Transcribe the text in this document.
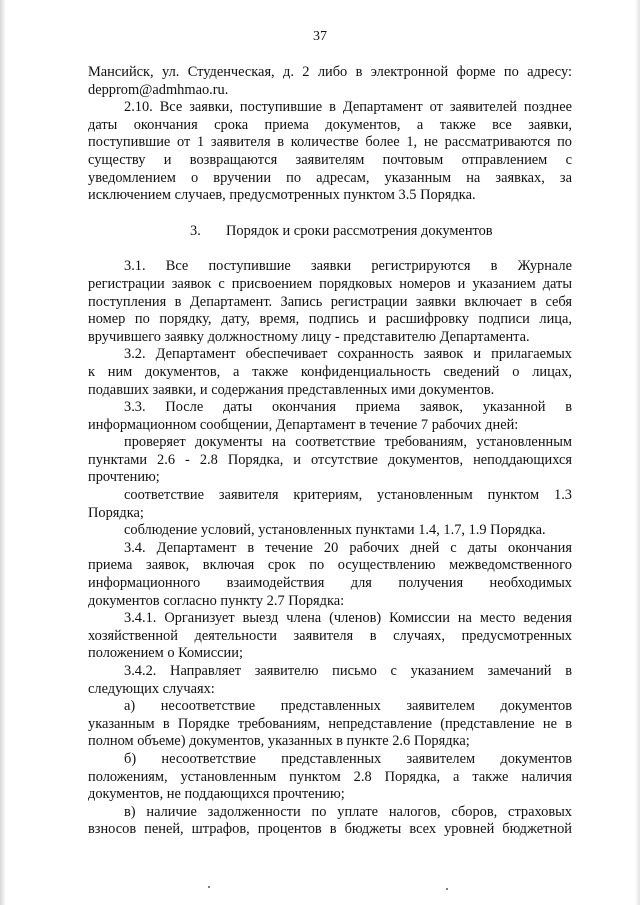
37

Мансийск, ул. Студенческая, д. 2 либо в электронной форме по адресу:

depprom@admhmao.ru.

2.10. Все заявки, поступившие в Департамент от заявителей позднее

даты окончания срока приема документов, а также все заявки,

поступившие от 1 заявителя в количестве более 1, не рассматриваются по

существу и возвращаются заявителям почтовым отправлением с

уведомлением о вручении по адресам, указанным на заявках, за

исключением случаев, предусмотренных пунктом 3.5 Порядка.

3. Порядок и сроки рассмотрения документов

3.1. Все поступившие заявки регистрируются в Журнале

регистрации заявок с присвоением порядковых номеров и указанием даты

поступления в Департамент. Запись регистрации заявки включает в себя

номер по порядку, дату, время, подпись и расшифровку подписи лица,

вручившего заявку должностному лицу - представителю Департамента.

3.2. Департамент обеспечивает сохранность заявок и прилагаемых

к ним документов, а также конфиденциальность сведений о лицах,

подавших заявки, и содержания представленных ими документов.

3.3. После даты окончания приема заявок, указанной в

информационном сообщении, Департамент в течение 7 рабочих дней:

проверяет документы на соответствие требованиям, установленным

пунктами 2.6 - 2.8 Порядка, и отсутствие документов, неподдающихся

прочтению;

соответствие заявителя критериям, установленным пунктом 1.3

Порядка;

соблюдение условий, установленных пунктами 1.4, 1.7, 1.9 Порядка.

3.4. Департамент в течение 20 рабочих дней с даты окончания

приема заявок, включая срок по осуществлению межведомственного

информационного взаимодействия для получения необходимых

документов согласно пункту 2.7 Порядка:

3.4.1. Организует выезд члена (членов) Комиссии на место ведения

хозяйственной деятельности заявителя в случаях, предусмотренных

положением о Комиссии;

3.4.2. Направляет заявителю письмо с указанием замечаний в

следующих случаях:

а) несоответствие представленных заявителем документов

указанным в Порядке требованиям, непредставление (представление не в

полном объеме) документов, указанных в пункте 2.6 Порядка;

б) несоответствие представленных заявителем документов

положениям, установленным пунктом 2.8 Порядка, а также наличия

документов, не поддающихся прочтению;

в) наличие задолженности по уплате налогов, сборов, страховых

взносов пеней, штрафов, процентов в бюджеты всех уровней бюджетной
